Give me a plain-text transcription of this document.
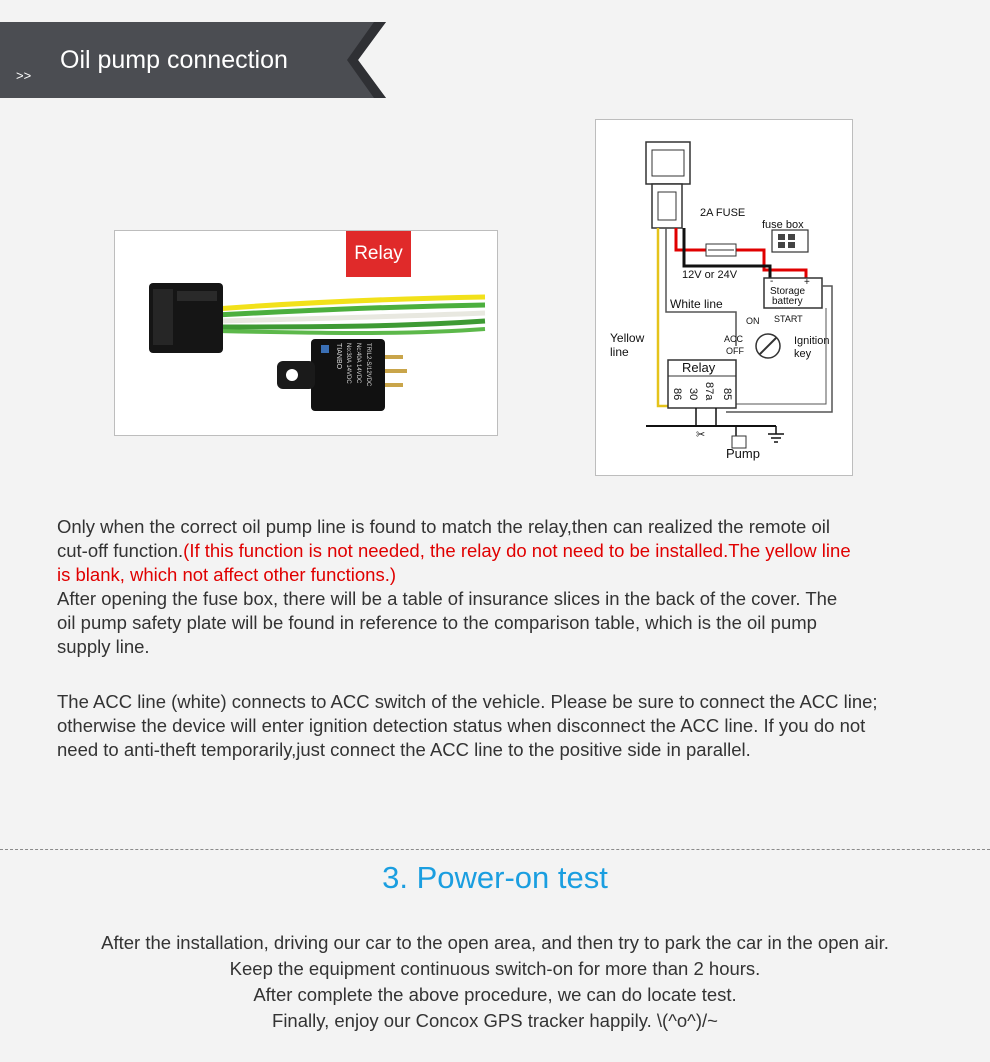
>>
Oil pump connection
TIANBO No:30A 14VDC Nc:40A 14VDC TRIL2-S/12VDC
Relay
-	+
✂
2A FUSE
fuse box
12V or 24V
Storage
battery
White line
Yellow
line
ON START
ACC
OFF
Ignition
key
Relay
86 30 87a 85
Pump
Only when the correct oil pump line is found to match the relay,then can realized the remote oil
cut-off function.(If this function is not needed, the relay do not need to be installed.The yellow line
is blank, which not affect other functions.)
After opening the fuse box, there will be a table of insurance slices in the back of the cover. The
oil pump safety plate will be found in reference to the comparison table, which is the oil pump
supply line.
The ACC line (white) connects to ACC switch of the vehicle. Please be sure to connect the ACC line;
otherwise the device will enter ignition detection status when disconnect the ACC line. If you do not
need to anti-theft temporarily,just connect the ACC line to the positive side in parallel.
3. Power-on test
After the installation, driving our car to the open area, and then try to park the car in the open air.
Keep the equipment continuous switch-on for more than 2 hours.
After complete the above procedure, we can do locate test.
Finally, enjoy our Concox GPS tracker happily. \(^o^)/~
